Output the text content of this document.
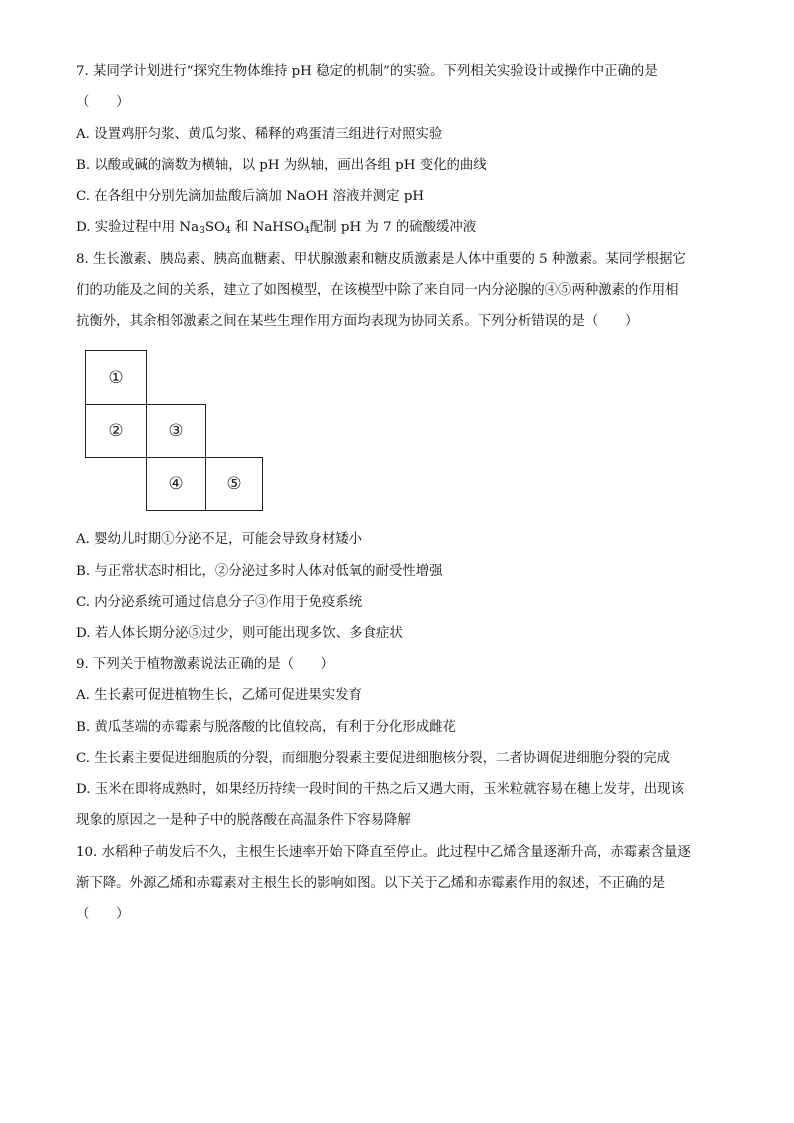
7. 某同学计划进行“探究生物体维持 pH 稳定的机制”的实验。下列相关实验设计或操作中正确的是
（　　）
A. 设置鸡肝匀浆、黄瓜匀浆、稀释的鸡蛋清三组进行对照实验
B. 以酸或碱的滴数为横轴，以 pH 为纵轴，画出各组 pH 变化的曲线
C. 在各组中分别先滴加盐酸后滴加 NaOH 溶液并测定 pH
D. 实验过程中用 $Na_3SO_4$ 和 NaHSO$_4$配制 pH 为 7 的硫酸缓冲液
8. 生长激素、胰岛素、胰高血糖素、甲状腺激素和糖皮质激素是人体中重要的 5 种激素。某同学根据它
们的功能及之间的关系，建立了如图模型，在该模型中除了来自同一内分泌腺的④⑤两种激素的作用相
抗衡外，其余相邻激素之间在某些生理作用方面均表现为协同关系。下列分析错误的是（　　）
①
②	③
④	⑤
A. 婴幼儿时期①分泌不足，可能会导致身材矮小
B. 与正常状态时相比，②分泌过多时人体对低氧的耐受性增强
C. 内分泌系统可通过信息分子③作用于免疫系统
D. 若人体长期分泌⑤过少，则可能出现多饮、多食症状
9. 下列关于植物激素说法正确的是（　　）
A. 生长素可促进植物生长，乙烯可促进果实发育
B. 黄瓜茎端的赤霉素与脱落酸的比值较高，有利于分化形成雌花
C. 生长素主要促进细胞质的分裂，而细胞分裂素主要促进细胞核分裂，二者协调促进细胞分裂的完成
D. 玉米在即将成熟时，如果经历持续一段时间的干热之后又遇大雨，玉米粒就容易在穗上发芽，出现该
现象的原因之一是种子中的脱落酸在高温条件下容易降解
10. 水稻种子萌发后不久，主根生长速率开始下降直至停止。此过程中乙烯含量逐渐升高，赤霉素含量逐
渐下降。外源乙烯和赤霉素对主根生长的影响如图。以下关于乙烯和赤霉素作用的叙述，不正确的是
（　　）
